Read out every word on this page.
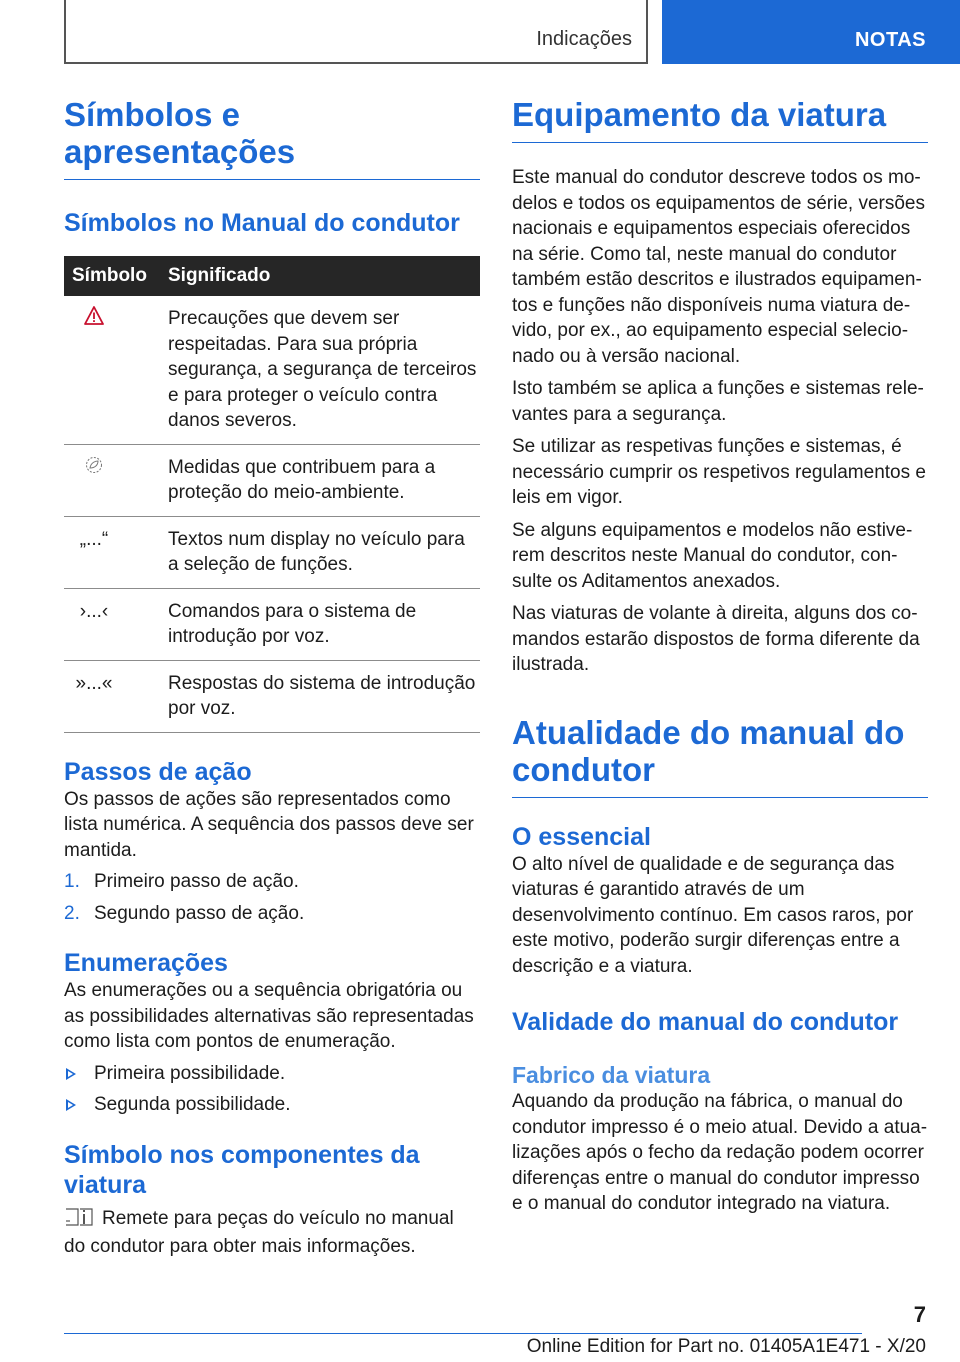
Indicações	NOTAS
Símbolos e apresentações
Símbolos no Manual do condutor
Símbolo	Significado

	Precauções que devem ser respeitadas. Para sua própria segurança, a segurança de terceiros e para proteger o veículo contra danos severos.

	Medidas que contribuem para a proteção do meio-ambiente.

„...“	Textos num display no veículo para a seleção de funções.

›...‹	Comandos para o sistema de introdução por voz.

»...«	Respostas do sistema de introdução por voz.
Passos de ação

Os passos de ações são representados como lista numérica. A sequência dos passos deve ser mantida.

1. Primeiro passo de ação.
2. Segundo passo de ação.
Enumerações

As enumerações ou a sequência obrigatória ou as possibilidades alternativas são representadas como lista com pontos de enumeração.

Primeira possibilidade.
Segunda possibilidade.
Símbolo nos componentes da viatura

Remete para peças do veículo no manual do condutor para obter mais informações.

Equipamento da viatura

Este manual do condutor descreve todos os modelos e todos os equipamentos de série, versões nacionais e equipamentos especiais oferecidos na série. Como tal, neste manual do condutor também estão descritos e ilustrados equipamentos e funções não disponíveis numa viatura devido, por ex., ao equipamento especial selecionado ou à versão nacional.

Isto também se aplica a funções e sistemas relevantes para a segurança.

Se utilizar as respetivas funções e sistemas, é necessário cumprir os respetivos regulamentos e leis em vigor.

Se alguns equipamentos e modelos não estiverem descritos neste Manual do condutor, consulte os Aditamentos anexados.

Nas viaturas de volante à direita, alguns dos comandos estarão dispostos de forma diferente da ilustrada.

Atualidade do manual do condutor
O essencial

O alto nível de qualidade e de segurança das viaturas é garantido através de um desenvolvimento contínuo. Em casos raros, por este motivo, poderão surgir diferenças entre a descrição e a viatura.

Validade do manual do condutor
Fabrico da viatura

Aquando da produção na fábrica, o manual do condutor impresso é o meio atual. Devido a atualizações após o fecho da redação podem ocorrer diferenças entre o manual do condutor impresso e o manual do condutor integrado na viatura.

7
Online Edition for Part no. 01405A1E471 - X/20
